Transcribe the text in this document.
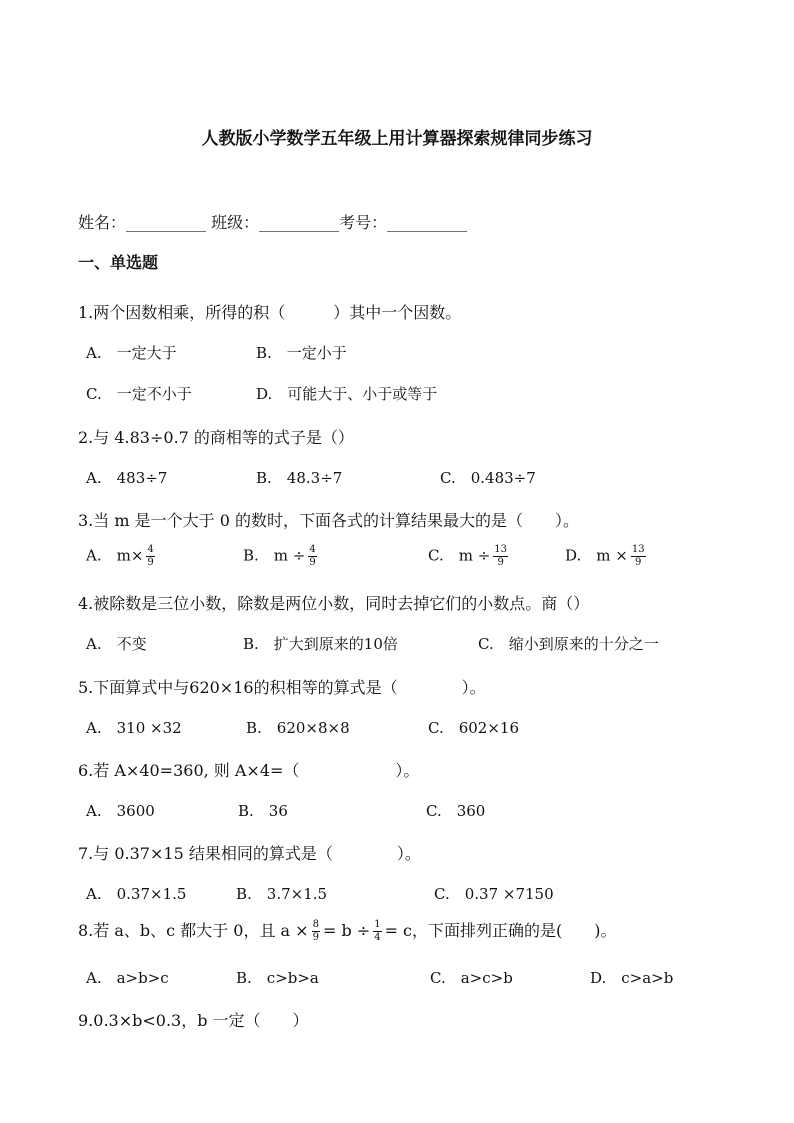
人教版小学数学五年级上用计算器探索规律同步练习
姓名：__________ 班级：__________考号：__________
一、单选题
1.两个因数相乘，所得的积（　　　）其中一个因数。
A.　一定大于	B.　一定小于
C.　一定不小于	D.　可能大于、小于或等于
2.与 4.83÷0.7 的商相等的式子是（）
A.　483÷7	B.　48.3÷7	C.　0.483÷7
3.当 m 是一个大于 0 的数时，下面各式的计算结果最大的是（　　）。
A.　$m\times \frac{4}{9}$	B.　$m \div \frac{4}{9}$	C.　$m \div \frac{13}{9}$	D.　$m \times \frac{13}{9}$
4.被除数是三位小数，除数是两位小数，同时去掉它们的小数点。商（）
A.　不变	B.　扩大到原来的10倍	C.　缩小到原来的十分之一
5.下面算式中与620×16的积相等的算式是（　　　　）。
A.　310 ×32	B.　620×8×8	C.　602×16
6.若 A×40=360, 则 A×4=（　　　　　　）。
A.　3600	B.　36	C.　360
7.与 0.37×15 结果相同的算式是（　　　　）。
A.　0.37×1.5	B.　3.7×1.5	C.　0.37 ×7150
8.若 a、b、c 都大于 0，且 $a \times \frac{8}{9} = b \div \frac{1}{4} = c$，下面排列正确的是(　　)。
A.　a>b>c	B.　c>b>a	C.　a>c>b	D.　c>a>b
9.0.3×b<0.3，b 一定（　　）
